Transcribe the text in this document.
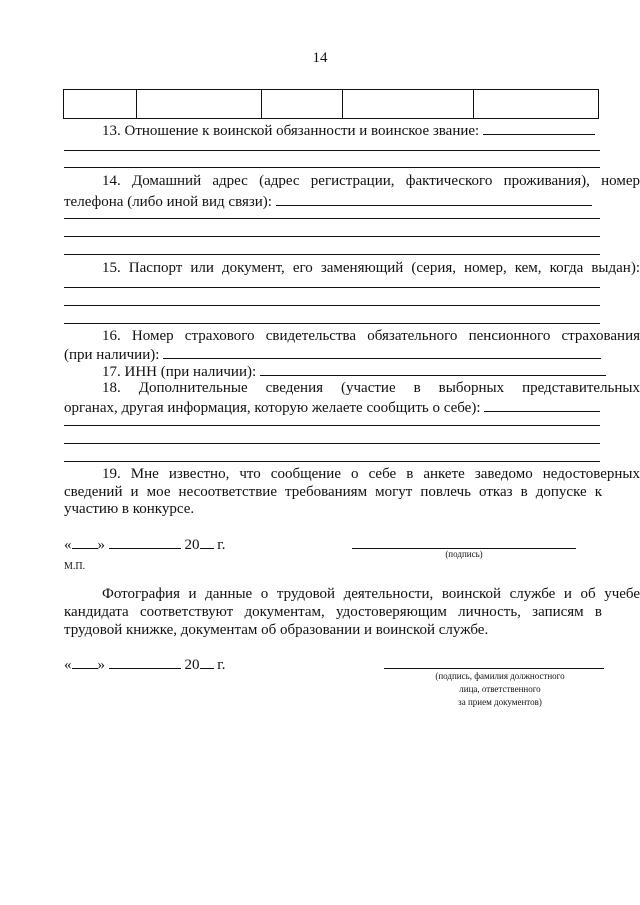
14

13. Отношение к воинской обязанности и воинское звание:
14. Домашний адрес (адрес регистрации, фактического проживания), номер
телефона (либо иной вид связи):
15. Паспорт или документ, его заменяющий (серия, номер, кем, когда выдан):
16. Номер страхового свидетельства обязательного пенсионного страхования
(при наличии):
17. ИНН (при наличии):
18. Дополнительные сведения (участие в выборных представительных
органах, другая информация, которую желаете сообщить о себе):
19. Мне известно, что сообщение о себе в анкете заведомо недостоверных
сведений и мое несоответствие требованиям могут повлечь отказ в допуске к
участию в конкурсе.
« »	20 г.
(подпись)
М.П.
Фотография и данные о трудовой деятельности, воинской службе и об учебе
кандидата соответствуют документам, удостоверяющим личность, записям в
трудовой книжке, документам об образовании и воинской службе.
« »	20 г.
(подпись, фамилия должностного
лица, ответственного
за прием документов)
